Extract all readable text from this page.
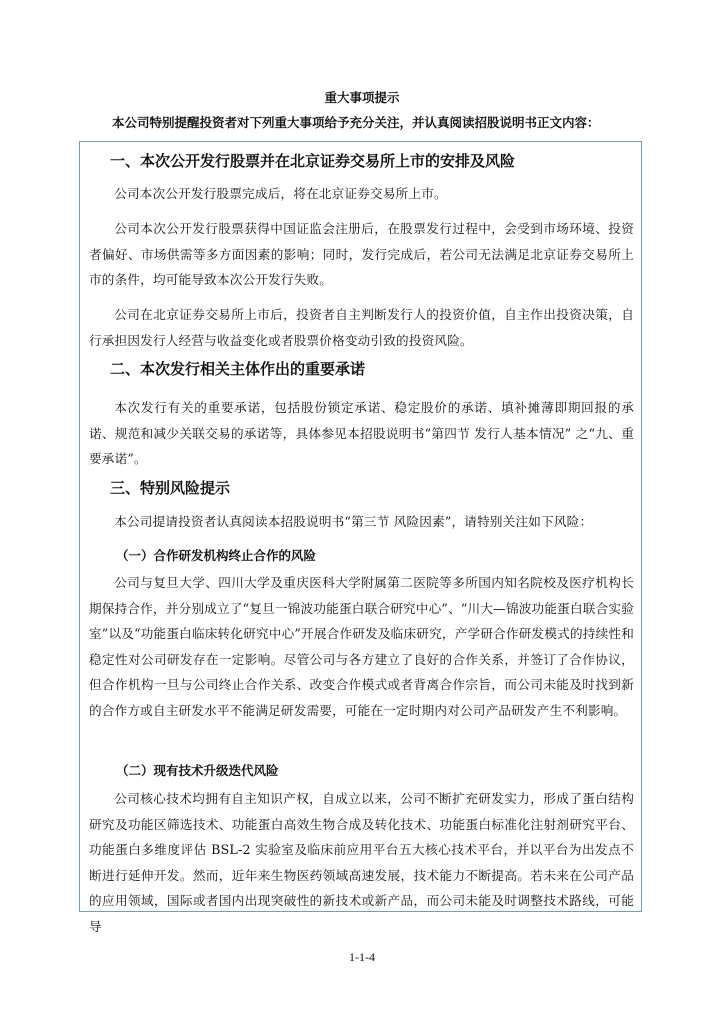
重大事项提示
本公司特别提醒投资者对下列重大事项给予充分关注，并认真阅读招股说明书正文内容：
一、本次公开发行股票并在北京证券交易所上市的安排及风险

公司本次公开发行股票完成后，将在北京证券交易所上市。

公司本次公开发行股票获得中国证监会注册后，在股票发行过程中，会受到市场环境、投资者偏好、市场供需等多方面因素的影响；同时，发行完成后，若公司无法满足北京证券交易所上市的条件，均可能导致本次公开发行失败。

公司在北京证券交易所上市后，投资者自主判断发行人的投资价值，自主作出投资决策，自行承担因发行人经营与收益变化或者股票价格变动引致的投资风险。

二、本次发行相关主体作出的重要承诺

本次发行有关的重要承诺，包括股份锁定承诺、稳定股价的承诺、填补摊薄即期回报的承诺、规范和减少关联交易的承诺等，具体参见本招股说明书“第四节 发行人基本情况” 之“九、重要承诺”。

三、特别风险提示

本公司提请投资者认真阅读本招股说明书“第三节 风险因素”，请特别关注如下风险：

（一）合作研发机构终止合作的风险

公司与复旦大学、四川大学及重庆医科大学附属第二医院等多所国内知名院校及医疗机构长期保持合作，并分别成立了“复旦一锦波功能蛋白联合研究中心”、“川大—锦波功能蛋白联合实验室”以及“功能蛋白临床转化研究中心”开展合作研发及临床研究，产学研合作研发模式的持续性和稳定性对公司研发存在一定影响。尽管公司与各方建立了良好的合作关系，并签订了合作协议，但合作机构一旦与公司终止合作关系、改变合作模式或者背离合作宗旨，而公司未能及时找到新的合作方或自主研发水平不能满足研发需要，可能在一定时期内对公司产品研发产生不利影响。

（二）现有技术升级迭代风险

公司核心技术均拥有自主知识产权，自成立以来，公司不断扩充研发实力，形成了蛋白结构研究及功能区筛选技术、功能蛋白高效生物合成及转化技术、功能蛋白标准化注射剂研究平台、功能蛋白多维度评估 BSL-2 实验室及临床前应用平台五大核心技术平台，并以平台为出发点不断进行延伸开发。然而，近年来生物医药领域高速发展，技术能力不断提高。若未来在公司产品的应用领域，国际或者国内出现突破性的新技术或新产品，而公司未能及时调整技术路线，可能导

1-1-4
